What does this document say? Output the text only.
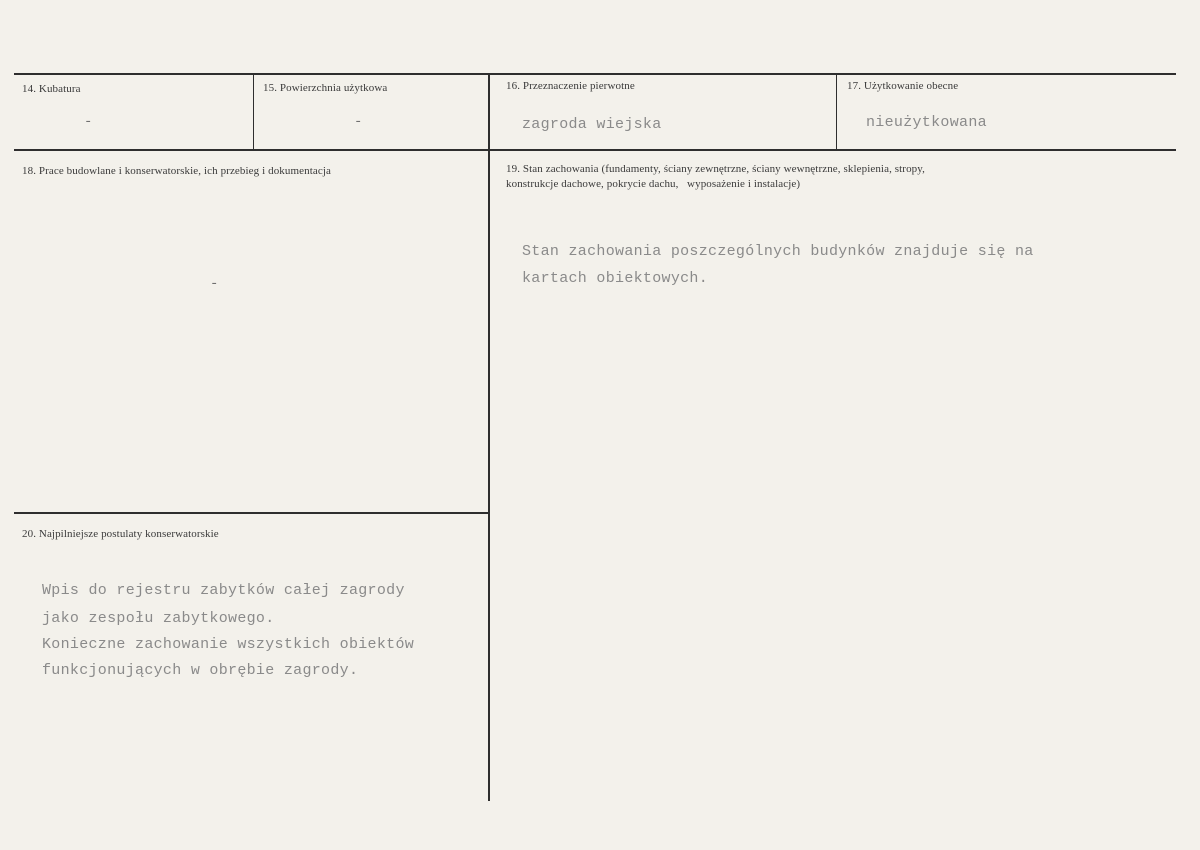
14. Kubatura
-
15. Powierzchnia użytkowa
-
16. Przeznaczenie pierwotne
zagroda wiejska
17. Użytkowanie obecne
nieużytkowana
18. Prace budowlane i konserwatorskie, ich przebieg i dokumentacja
-
19. Stan zachowania (fundamenty, ściany zewnętrzne, ściany wewnętrzne, sklepienia, stropy,
konstrukcje dachowe, pokrycie dachu,   wyposażenie i instalacje)
Stan zachowania poszczególnych budynków znajduje się na
kartach obiektowych.
20. Najpilniejsze postulaty konserwatorskie
Wpis do rejestru zabytków całej zagrody
jako zespołu zabytkowego.
Konieczne zachowanie wszystkich obiektów
funkcjonujących w obrębie zagrody.
